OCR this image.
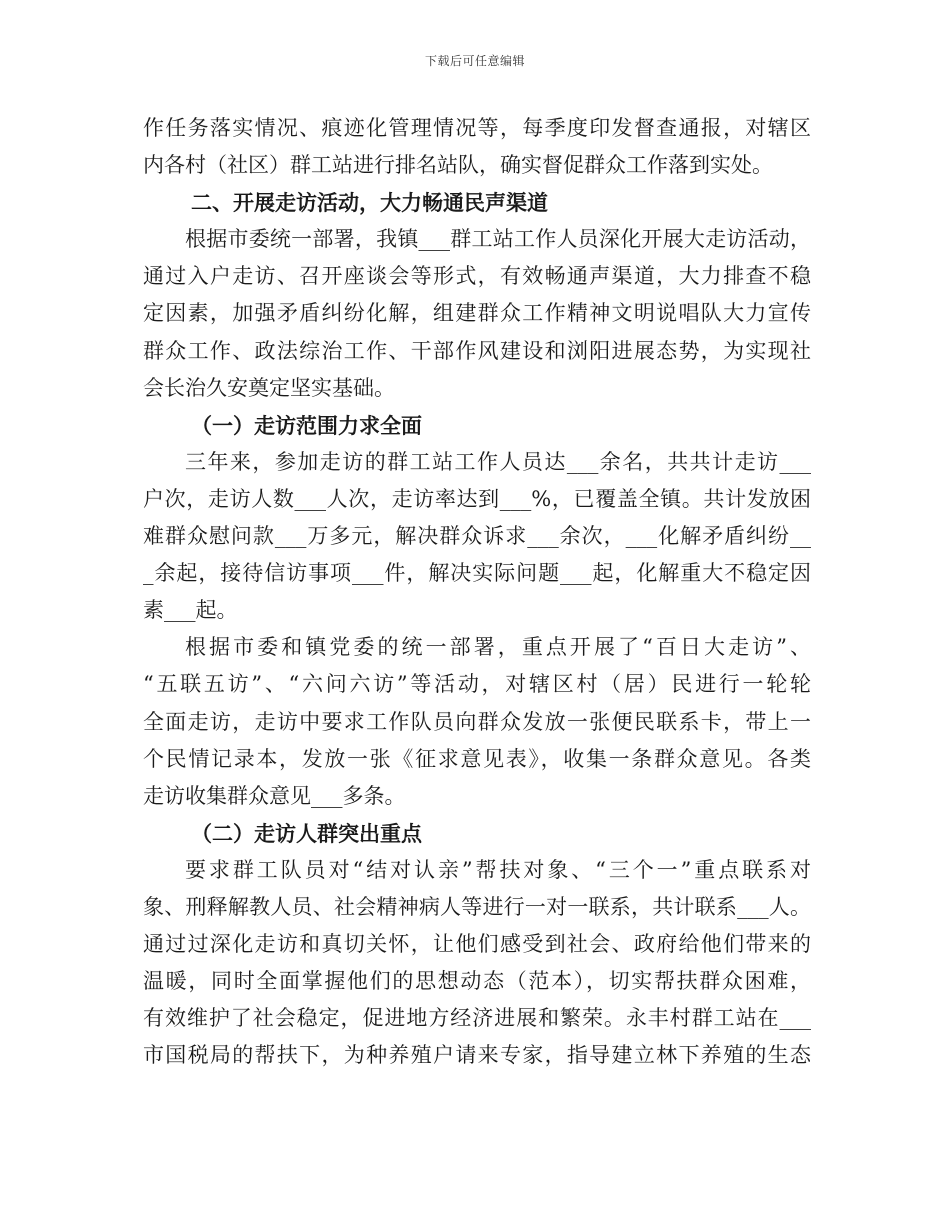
下载后可任意编辑
作任务落实情况、痕迹化管理情况等，每季度印发督查通报，对辖区
内各村（社区）群工站进行排名站队，确实督促群众工作落到实处。
二、开展走访活动，大力畅通民声渠道
根据市委统一部署，我镇___群工站工作人员深化开展大走访活动，
通过入户走访、召开座谈会等形式，有效畅通声渠道，大力排查不稳
定因素，加强矛盾纠纷化解，组建群众工作精神文明说唱队大力宣传
群众工作、政法综治工作、干部作风建设和浏阳进展态势，为实现社
会长治久安奠定坚实基础。
（一）走访范围力求全面
三年来，参加走访的群工站工作人员达___余名，共共计走访___
户次，走访人数___人次，走访率达到___%，已覆盖全镇。共计发放困
难群众慰问款___万多元，解决群众诉求___余次，___化解矛盾纠纷__
_余起，接待信访事项___件，解决实际问题___起，化解重大不稳定因
素___起。
根据市委和镇党委的统一部署，重点开展了“百日大走访”、
“五联五访”、“六问六访”等活动，对辖区村（居）民进行一轮轮
全面走访，走访中要求工作队员向群众发放一张便民联系卡，带上一
个民情记录本，发放一张《征求意见表》，收集一条群众意见。各类
走访收集群众意见___多条。
（二）走访人群突出重点
要求群工队员对“结对认亲”帮扶对象、“三个一”重点联系对
象、刑释解教人员、社会精神病人等进行一对一联系，共计联系___人。
通过过深化走访和真切关怀，让他们感受到社会、政府给他们带来的
温暖，同时全面掌握他们的思想动态（范本），切实帮扶群众困难，
有效维护了社会稳定，促进地方经济进展和繁荣。永丰村群工站在___
市国税局的帮扶下，为种养殖户请来专家，指导建立林下养殖的生态
